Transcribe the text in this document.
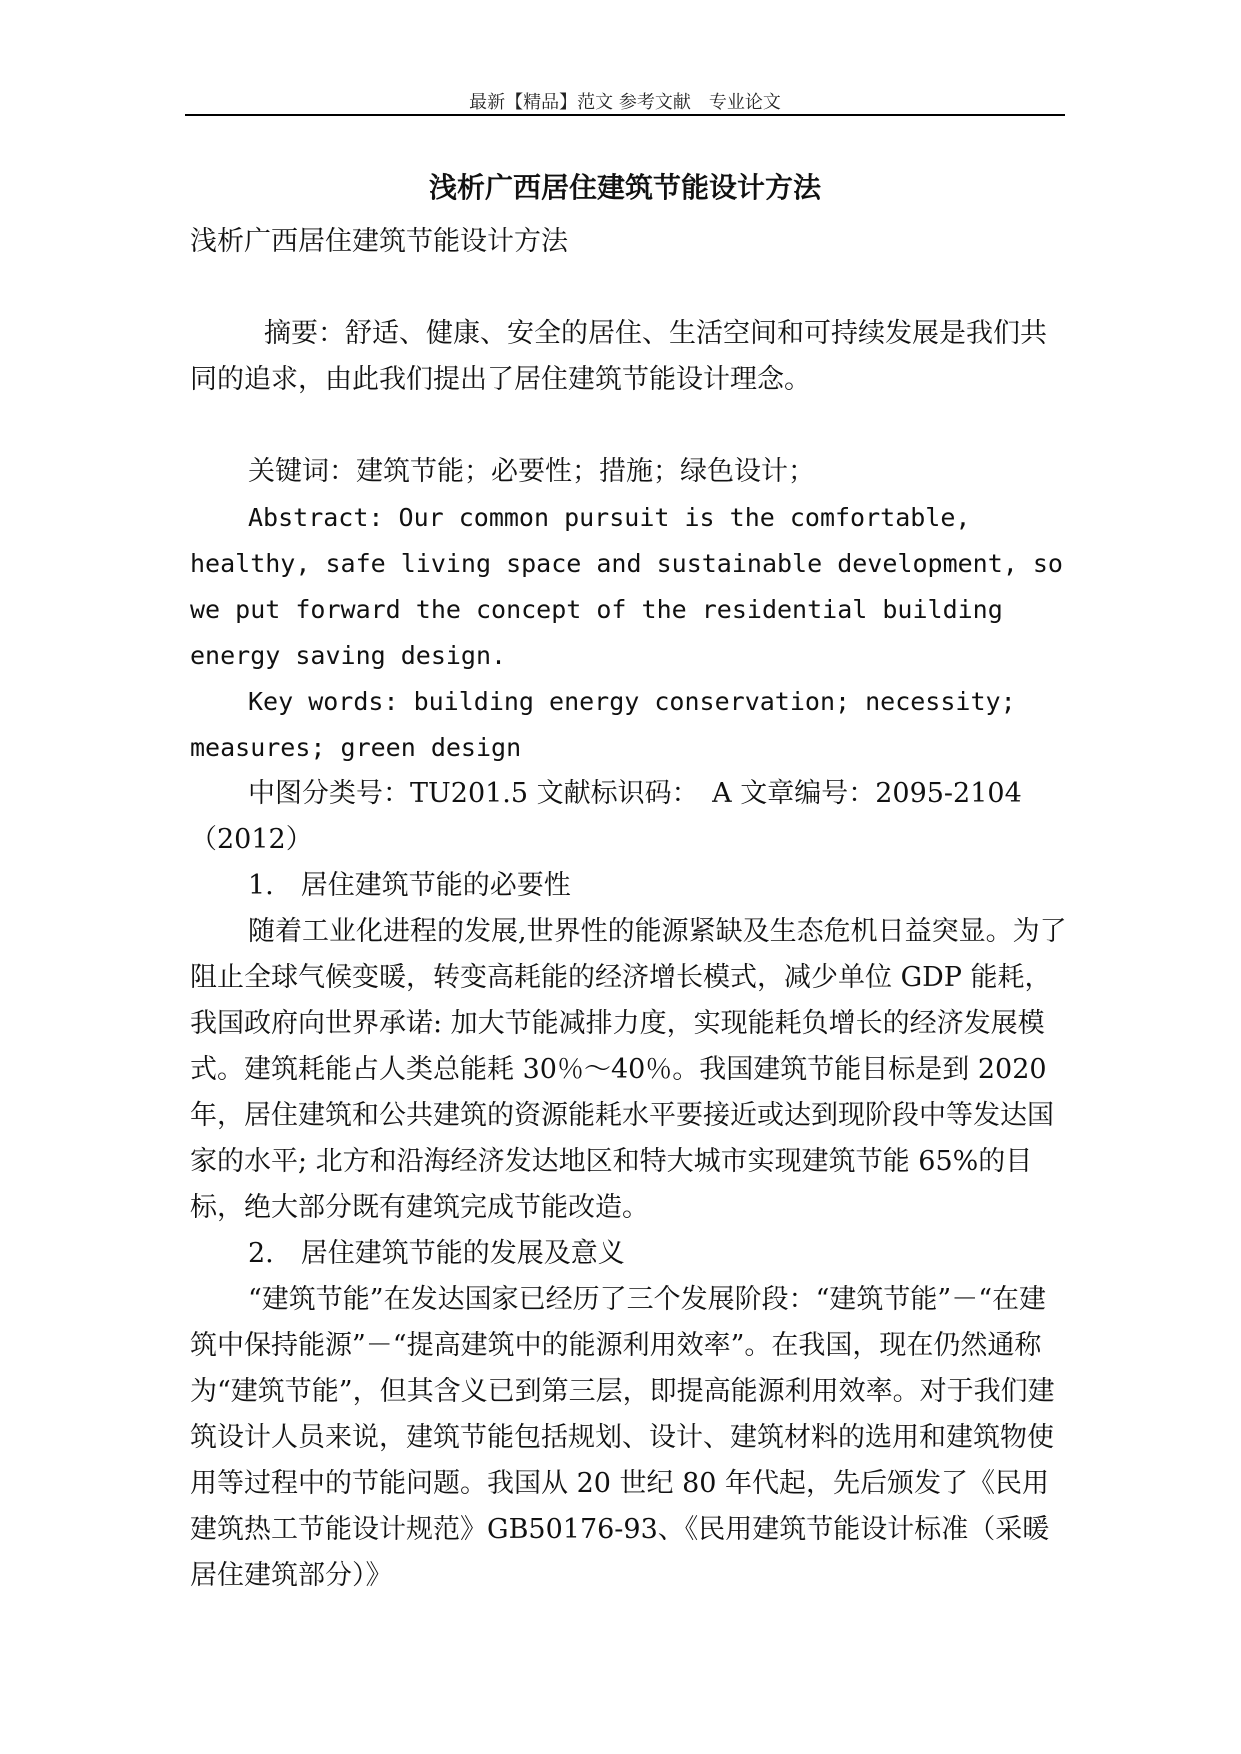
最新【精品】范文 参考文献　专业论文
浅析广西居住建筑节能设计方法

浅析广西居住建筑节能设计方法

摘要：舒适、健康、安全的居住、生活空间和可持续发展是我们共同的追求，由此我们提出了居住建筑节能设计理念。

关键词：建筑节能；必要性；措施；绿色设计；

Abstract: Our common pursuit is the comfortable, healthy, safe living space and sustainable development, so we put forward the concept of the residential building energy saving design.

Key words: building energy conservation; necessity; measures; green design

中图分类号：TU201.5 文献标识码：　A 文章编号：2095-2104（2012）

1.　居住建筑节能的必要性

随着工业化进程的发展,世界性的能源紧缺及生态危机日益突显。为了阻止全球气候变暖，转变高耗能的经济增长模式，减少单位 GDP 能耗，我国政府向世界承诺: 加大节能减排力度，实现能耗负增长的经济发展模式。建筑耗能占人类总能耗 30％～40％。我国建筑节能目标是到 2020 年，居住建筑和公共建筑的资源能耗水平要接近或达到现阶段中等发达国家的水平; 北方和沿海经济发达地区和特大城市实现建筑节能 65%的目标，绝大部分既有建筑完成节能改造。

2.　居住建筑节能的发展及意义

“建筑节能”在发达国家已经历了三个发展阶段：“建筑节能”－“在建筑中保持能源”－“提高建筑中的能源利用效率”。在我国，现在仍然通称为“建筑节能”，但其含义已到第三层，即提高能源利用效率。对于我们建筑设计人员来说，建筑节能包括规划、设计、建筑材料的选用和建筑物使用等过程中的节能问题。我国从 20 世纪 80 年代起，先后颁发了《民用建筑热工节能设计规范》GB50176-93、《民用建筑节能设计标准（采暖居住建筑部分）》
